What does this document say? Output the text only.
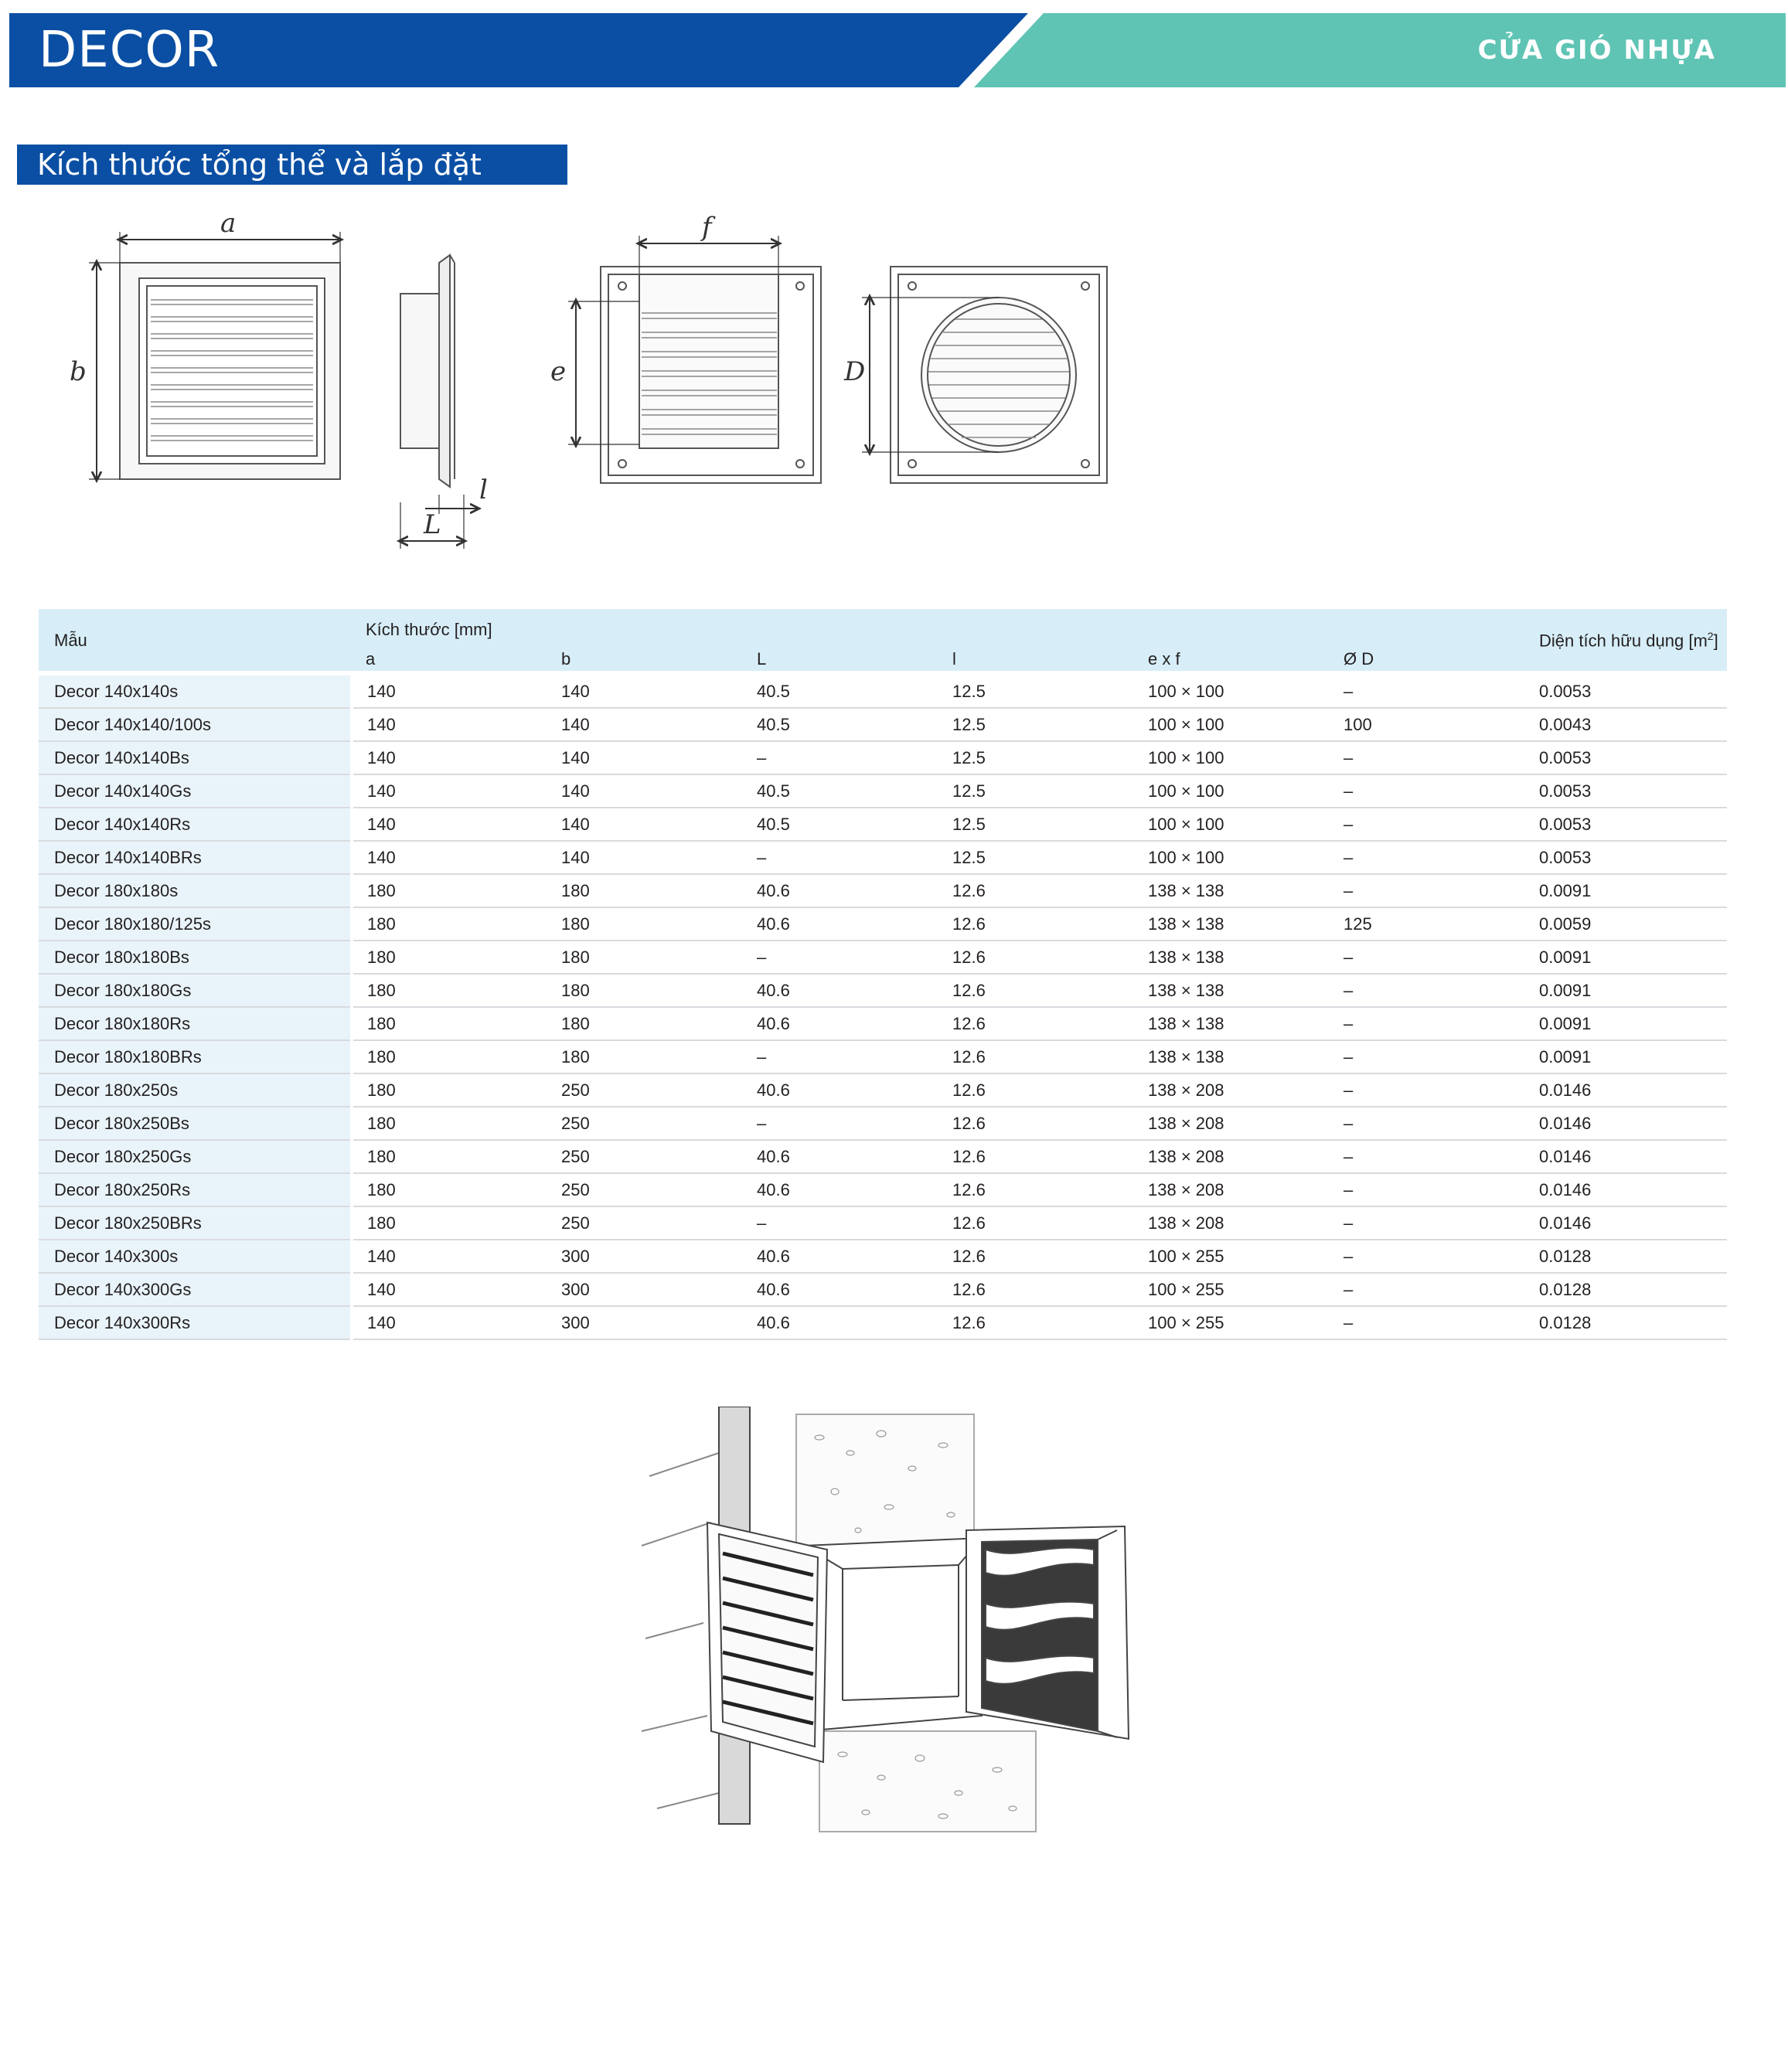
DECOR	CỬA GIÓ NHỰA
Kích thước tổng thể và lắp đặt
a
b
L
l
f
e	D
Mẫu	Kích thước [mm]						Diện tích hữu dụng $[m^2]$
	a	b	L	l	e x f	Ø D	
Decor 140x140s	140	140	40.5	12.5	100 × 100	–	0.0053
Decor 140x140/100s	140	140	40.5	12.5	100 × 100	100	0.0043
Decor 140x140Bs	140	140	–	12.5	100 × 100	–	0.0053
Decor 140x140Gs	140	140	40.5	12.5	100 × 100	–	0.0053
Decor 140x140Rs	140	140	40.5	12.5	100 × 100	–	0.0053
Decor 140x140BRs	140	140	–	12.5	100 × 100	–	0.0053
Decor 180x180s	180	180	40.6	12.6	138 × 138	–	0.0091
Decor 180x180/125s	180	180	40.6	12.6	138 × 138	125	0.0059
Decor 180x180Bs	180	180	–	12.6	138 × 138	–	0.0091
Decor 180x180Gs	180	180	40.6	12.6	138 × 138	–	0.0091
Decor 180x180Rs	180	180	40.6	12.6	138 × 138	–	0.0091
Decor 180x180BRs	180	180	–	12.6	138 × 138	–	0.0091
Decor 180x250s	180	250	40.6	12.6	138 × 208	–	0.0146
Decor 180x250Bs	180	250	–	12.6	138 × 208	–	0.0146
Decor 180x250Gs	180	250	40.6	12.6	138 × 208	–	0.0146
Decor 180x250Rs	180	250	40.6	12.6	138 × 208	–	0.0146
Decor 180x250BRs	180	250	–	12.6	138 × 208	–	0.0146
Decor 140x300s	140	300	40.6	12.6	100 × 255	–	0.0128
Decor 140x300Gs	140	300	40.6	12.6	100 × 255	–	0.0128
Decor 140x300Rs	140	300	40.6	12.6	100 × 255	–	0.0128
